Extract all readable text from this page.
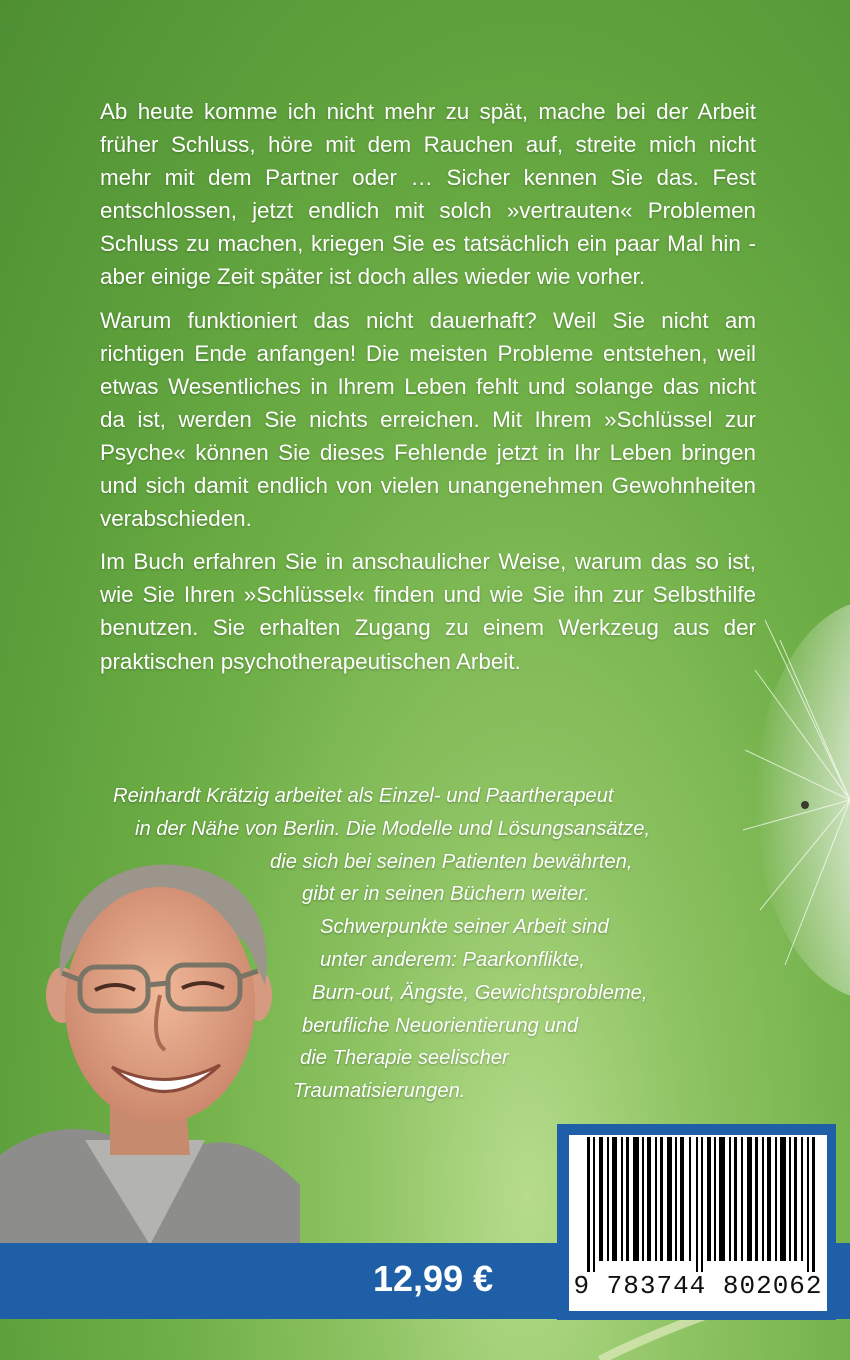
Ab heute komme ich nicht mehr zu spät, mache bei der Arbeit früher Schluss, höre mit dem Rauchen auf, streite mich nicht mehr mit dem Partner oder … Sicher kennen Sie das. Fest entschlossen, jetzt endlich mit solch »vertrauten« Problemen Schluss zu machen, kriegen Sie es tatsächlich ein paar Mal hin - aber einige Zeit später ist doch alles wieder wie vorher.

Warum funktioniert das nicht dauerhaft? Weil Sie nicht am richtigen Ende anfangen! Die meisten Probleme entstehen, weil etwas Wesentliches in Ihrem Leben fehlt und solange das nicht da ist, werden Sie nichts erreichen. Mit Ihrem »Schlüssel zur Psyche« können Sie dieses Fehlende jetzt in Ihr Leben bringen und sich damit endlich von vielen unangenehmen Gewohnheiten verabschieden.

Im Buch erfahren Sie in anschaulicher Weise, warum das so ist, wie Sie Ihren »Schlüssel« finden und wie Sie ihn zur Selbsthilfe benutzen. Sie erhalten Zugang zu einem Werkzeug aus der praktischen psychotherapeutischen Arbeit.

Reinhardt Krätzig arbeitet als Einzel- und Paartherapeut
in der Nähe von Berlin. Die Modelle und Lösungsansätze,
die sich bei seinen Patienten bewährten,
gibt er in seinen Büchern weiter.
Schwerpunkte seiner Arbeit sind
unter anderem: Paarkonflikte,
Burn-out, Ängste, Gewichtsprobleme,
berufliche Neuorientierung und
die Therapie seelischer
Traumatisierungen.
12,99 €	9 783744 802062
